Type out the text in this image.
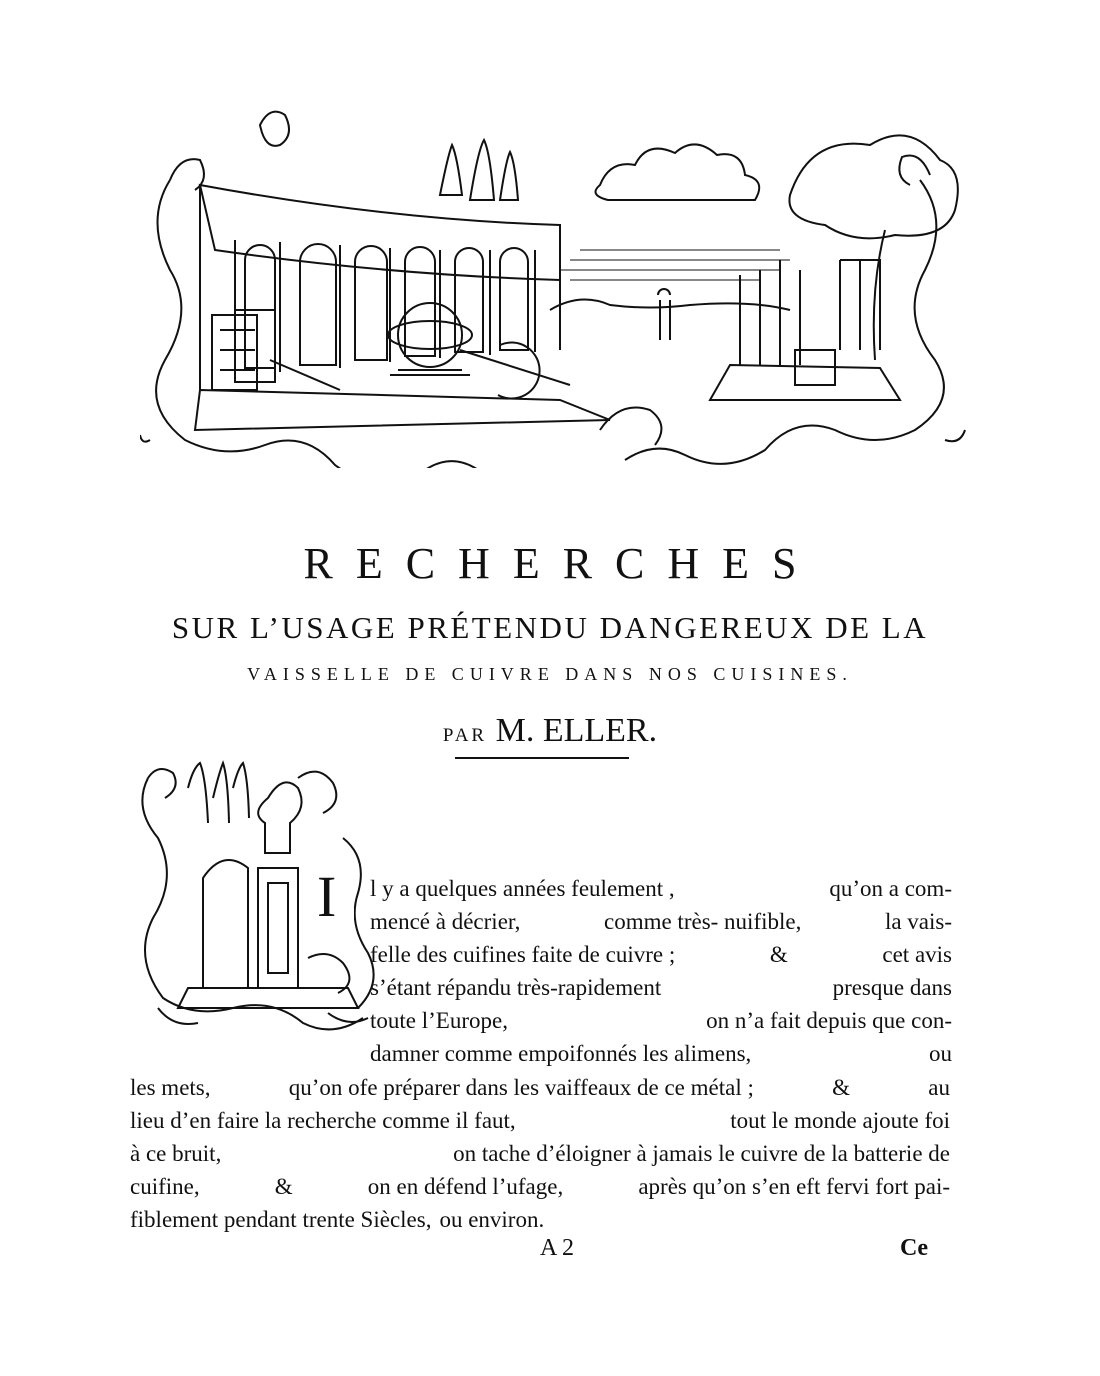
RECHERCHES
SUR L’USAGE PRÉTENDU DANGEREUX DE LA
VAISSELLE DE CUIVRE DANS NOS CUISINES.
PAR M. ELLER.
I l y a quelques années feulement ,	qu’on a com-
mencé à décrier,	comme très- nuifible,	la vais-
felle des cuifines faite de cuivre ;	&	cet avis
s’étant répandu très-rapidement	presque dans
toute l’Europe,	on n’a fait depuis que con-
damner comme empoifonnés les alimens,	ou
les mets,	qu’on ofe préparer dans les vaiffeaux de ce métal ;	&	au
lieu d’en faire la recherche comme il faut,	tout le monde ajoute foi
à ce bruit,	on tache d’éloigner à jamais le cuivre de la batterie de
cuifine,	&	on en défend l’ufage,	après qu’on s’en eft fervi fort pai-
fiblement pendant trente Siècles, ou environ.
A 2	Ce
